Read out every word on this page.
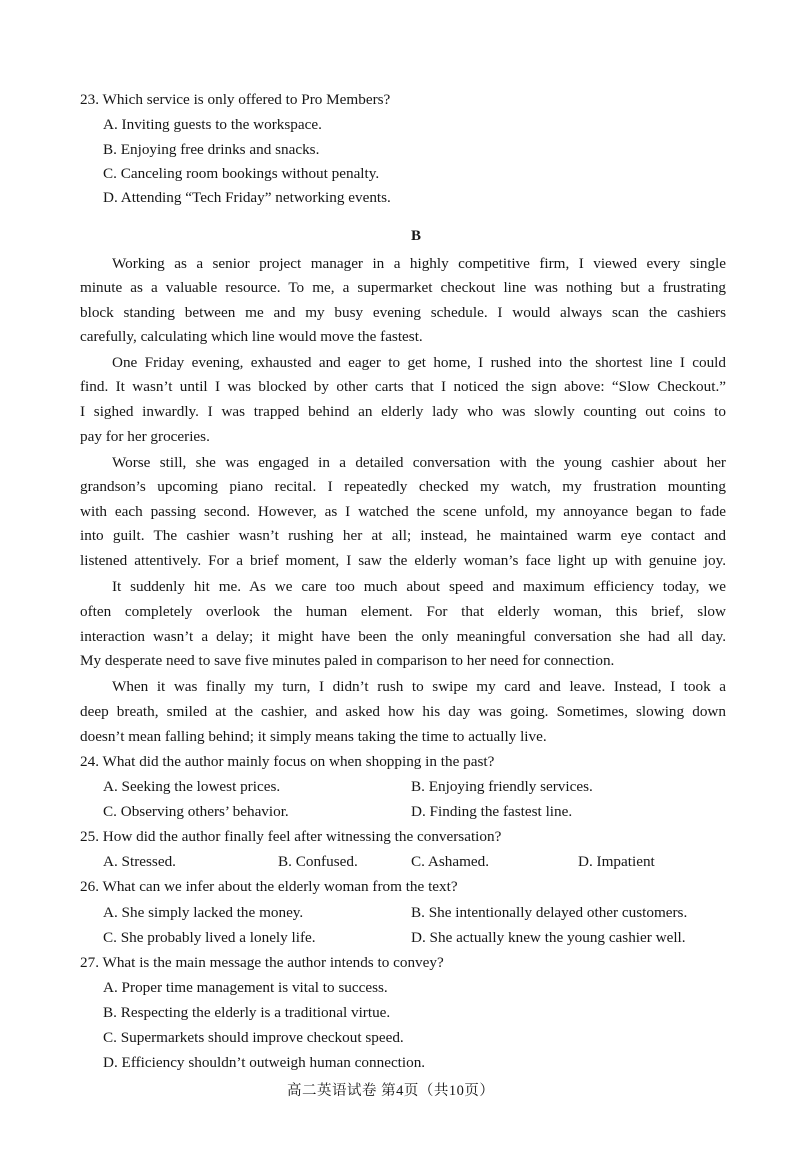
23. Which service is only offered to Pro Members?
A. Inviting guests to the workspace.
B. Enjoying free drinks and snacks.
C. Canceling room bookings without penalty.
D. Attending “Tech Friday” networking events.
B
Working as a senior project manager in a highly competitive firm, I viewed every single
minute as a valuable resource. To me, a supermarket checkout line was nothing but a frustrating
block standing between me and my busy evening schedule. I would always scan the cashiers
carefully, calculating which line would move the fastest.
One Friday evening, exhausted and eager to get home, I rushed into the shortest line I could
find. It wasn’t until I was blocked by other carts that I noticed the sign above: “Slow Checkout.”
I sighed inwardly. I was trapped behind an elderly lady who was slowly counting out coins to
pay for her groceries.
Worse still, she was engaged in a detailed conversation with the young cashier about her
grandson’s upcoming piano recital. I repeatedly checked my watch, my frustration mounting
with each passing second. However, as I watched the scene unfold, my annoyance began to fade
into guilt. The cashier wasn’t rushing her at all; instead, he maintained warm eye contact and
listened attentively. For a brief moment, I saw the elderly woman’s face light up with genuine joy.
It suddenly hit me. As we care too much about speed and maximum efficiency today, we
often completely overlook the human element. For that elderly woman, this brief, slow
interaction wasn’t a delay; it might have been the only meaningful conversation she had all day.
My desperate need to save five minutes paled in comparison to her need for connection.
When it was finally my turn, I didn’t rush to swipe my card and leave. Instead, I took a
deep breath, smiled at the cashier, and asked how his day was going. Sometimes, slowing down
doesn’t mean falling behind; it simply means taking the time to actually live.
24. What did the author mainly focus on when shopping in the past?
A. Seeking the lowest prices.	B. Enjoying friendly services.
C. Observing others’ behavior.	D. Finding the fastest line.
25. How did the author finally feel after witnessing the conversation?
A. Stressed.	B. Confused.	C. Ashamed.	D. Impatient
26. What can we infer about the elderly woman from the text?
A. She simply lacked the money.	B. She intentionally delayed other customers.
C. She probably lived a lonely life.	D. She actually knew the young cashier well.
27. What is the main message the author intends to convey?
A. Proper time management is vital to success.
B. Respecting the elderly is a traditional virtue.
C. Supermarkets should improve checkout speed.
D. Efficiency shouldn’t outweigh human connection.
高二英语试卷 第4页（共10页）
